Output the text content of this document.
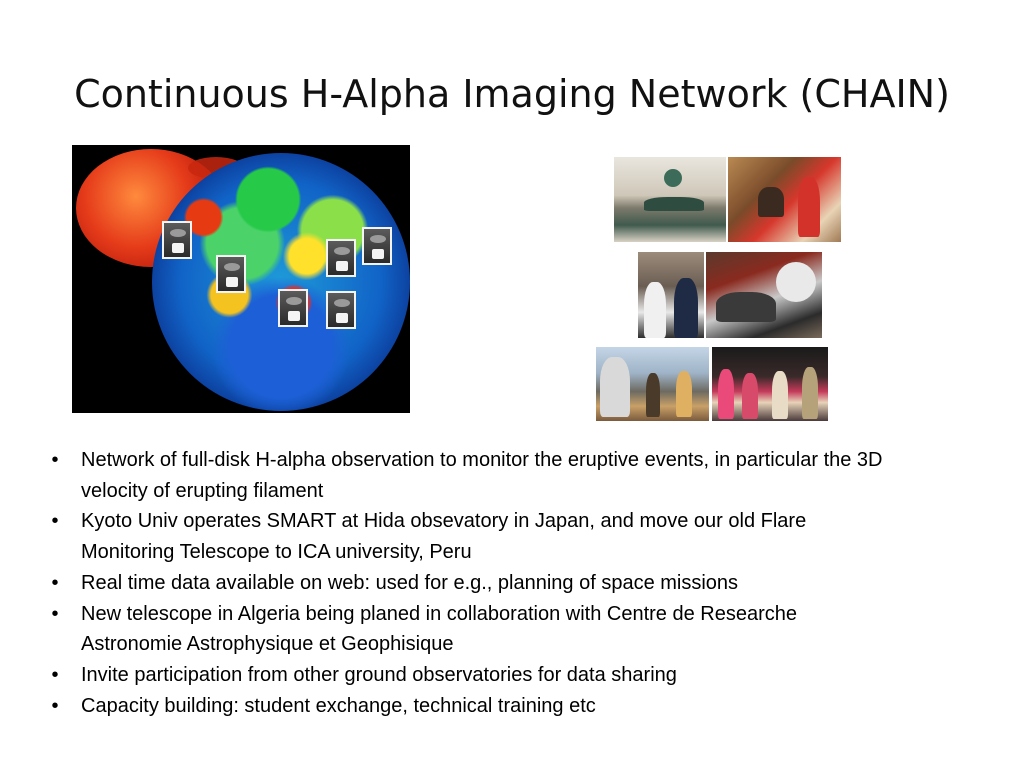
Continuous H-Alpha Imaging Network (CHAIN)
•	Network of full-disk H-alpha observation to monitor the eruptive events, in particular the 3D velocity of erupting filament
•	Kyoto Univ operates SMART at Hida obsevatory in Japan, and move our old Flare Monitoring Telescope to ICA university, Peru
•	Real time data available on web: used for e.g., planning of space missions
•	New telescope in Algeria being planed in collaboration with Centre de Researche Astronomie Astrophysique et Geophisique
•	Invite participation from other ground observatories for data sharing
•	Capacity building: student exchange, technical training etc
